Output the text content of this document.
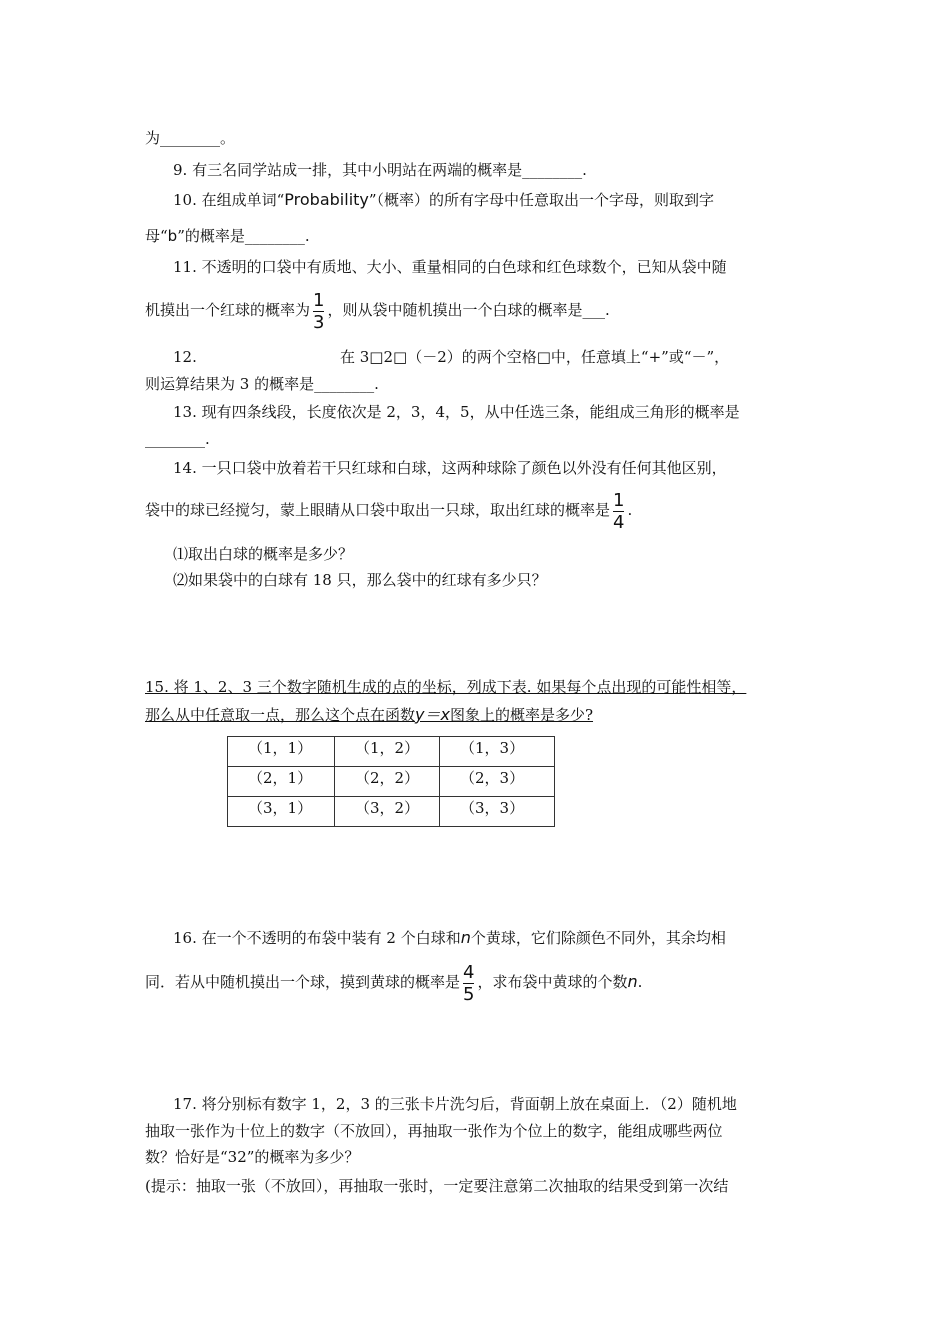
为________。
9. 有三名同学站成一排，其中小明站在两端的概率是________.
10. 在组成单词“Probability”（概率）的所有字母中任意取出一个字母，则取到字
母“b”的概率是________.
11. 不透明的口袋中有质地、大小、重量相同的白色球和红色球数个，已知从袋中随
机摸出一个红球的概率为 $\frac{1}{3}$ ，则从袋中随机摸出一个白球的概率是___.
12.	在 3□2□（－2）的两个空格□中，任意填上“+”或“－”，
则运算结果为 3 的概率是________.
13. 现有四条线段，长度依次是 2，3，4，5，从中任选三条，能组成三角形的概率是
________.
14. 一只口袋中放着若干只红球和白球，这两种球除了颜色以外没有任何其他区别，
袋中的球已经搅匀，蒙上眼睛从口袋中取出一只球，取出红球的概率是 $\frac{1}{4}$ .
⑴取出白球的概率是多少？
⑵如果袋中的白球有 18 只，那么袋中的红球有多少只？
15. 将 1、2、3 三个数字随机生成的点的坐标，列成下表. 如果每个点出现的可能性相等，
那么从中任意取一点，那么这个点在函数y＝x图象上的概率是多少?
（1，1）	（1，2）	（1，3）
（2，1）	（2，2）	（2，3）
（3，1）	（3，2）	（3，3）
16. 在一个不透明的布袋中装有 2 个白球和n个黄球，它们除颜色不同外，其余均相
同．若从中随机摸出一个球，摸到黄球的概率是 $\frac{4}{5}$ ，求布袋中黄球的个数n.
17. 将分别标有数字 1，2，3 的三张卡片洗匀后，背面朝上放在桌面上．（2）随机地
抽取一张作为十位上的数字（不放回），再抽取一张作为个位上的数字，能组成哪些两位
数？恰好是“32”的概率为多少？
(提示：抽取一张（不放回），再抽取一张时，一定要注意第二次抽取的结果受到第一次结
